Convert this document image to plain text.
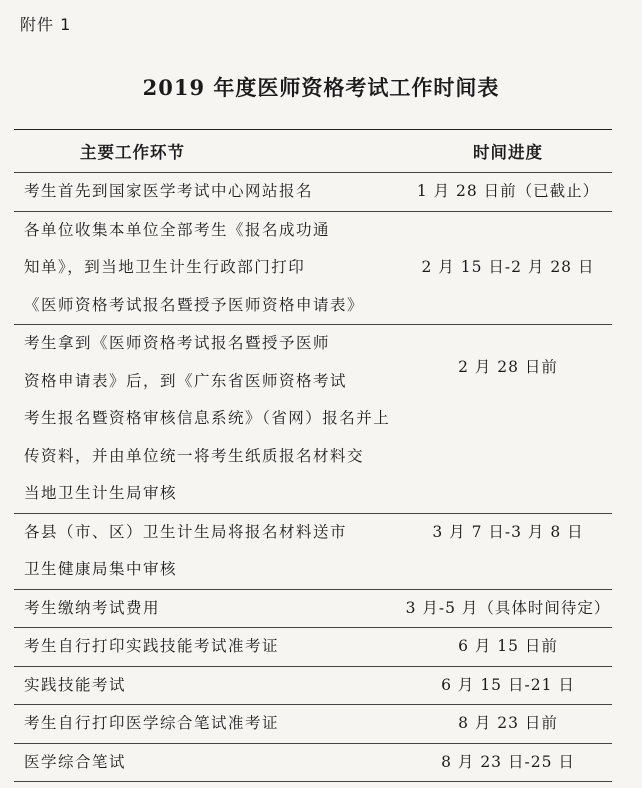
附件 1
2019 年度医师资格考试工作时间表
主要工作环节	时间进度

考生首先到国家医学考试中心网站报名	1 月 28 日前（已截止）

各单位收集本单位全部考生《报名成功通
知单》，到当地卫生计生行政部门打印
《医师资格考试报名暨授予医师资格申请表》	2 月 15 日-2 月 28 日

考生拿到《医师资格考试报名暨授予医师
资格申请表》后，到《广东省医师资格考试
考生报名暨资格审核信息系统》（省网）报名并上
传资料，并由单位统一将考生纸质报名材料交
当地卫生计生局审核	2 月 28 日前

各县（市、区）卫生计生局将报名材料送市
卫生健康局集中审核	3 月 7 日-3 月 8 日

考生缴纳考试费用	3 月-5 月（具体时间待定）

考生自行打印实践技能考试准考证	6 月 15 日前

实践技能考试	6 月 15 日-21 日

考生自行打印医学综合笔试准考证	8 月 23 日前

医学综合笔试	8 月 23 日-25 日
